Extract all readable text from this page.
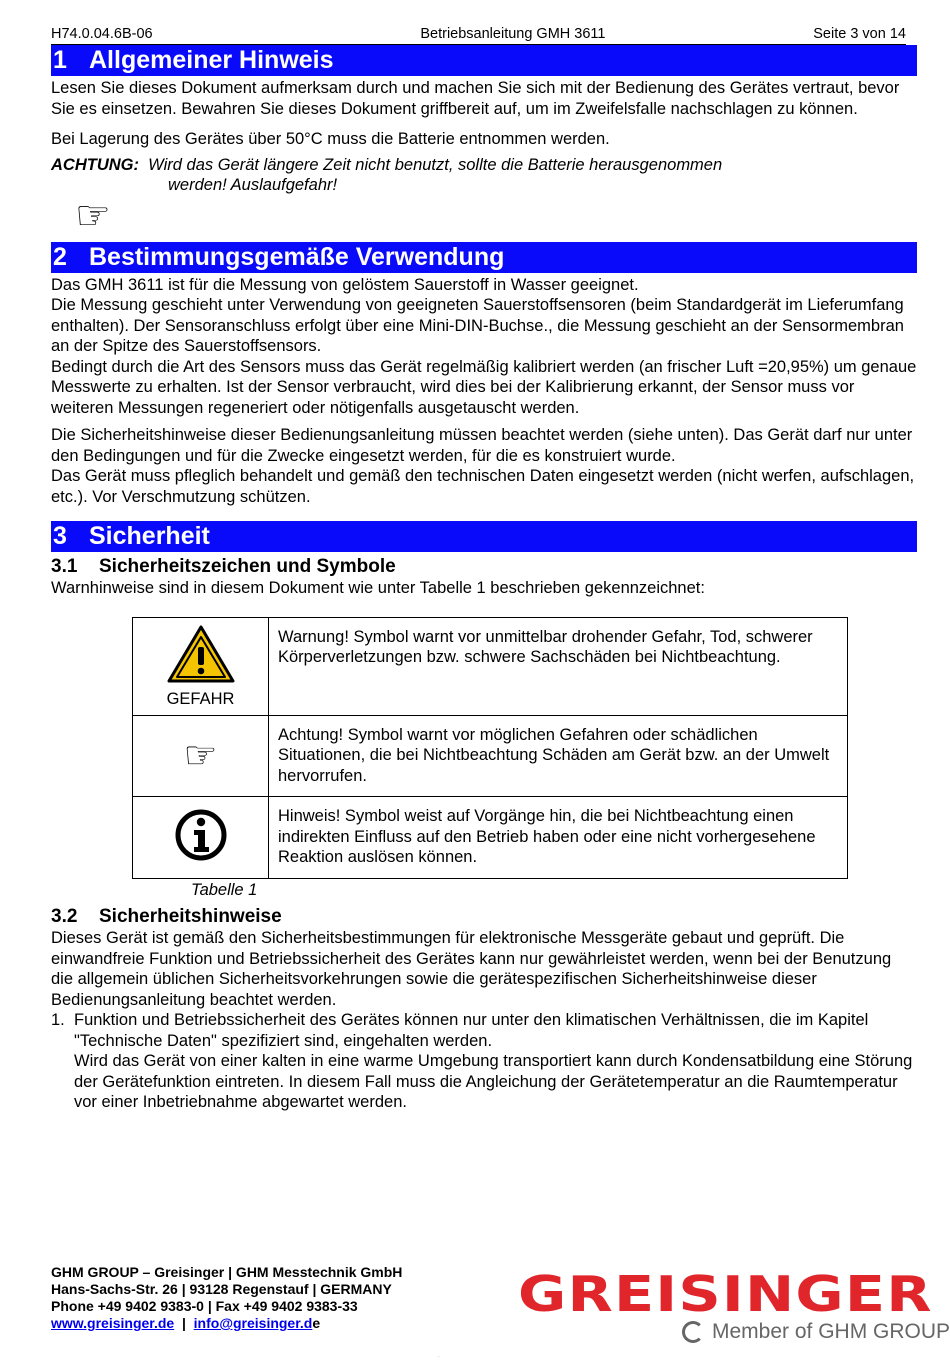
H74.0.04.6B-06	Betriebsanleitung GMH 3611	Seite 3 von 14
1 Allgemeiner Hinweis

Lesen Sie dieses Dokument aufmerksam durch und machen Sie sich mit der Bedienung des Gerätes vertraut, bevor Sie es einsetzen. Bewahren Sie dieses Dokument griffbereit auf, um im Zweifelsfalle nachschlagen zu können.

Bei Lagerung des Gerätes über 50°C muss die Batterie entnommen werden.

ACHTUNG: Wird das Gerät längere Zeit nicht benutzt, sollte die Batterie herausgenommen
werden! Auslaufgefahr!
☞
2 Bestimmungsgemäße Verwendung

Das GMH 3611 ist für die Messung von gelöstem Sauerstoff in Wasser geeignet.

Die Messung geschieht unter Verwendung von geeigneten Sauerstoffsensoren (beim Standardgerät im Lieferumfang enthalten). Der Sensoranschluss erfolgt über eine Mini-DIN-Buchse., die Messung geschieht an der Sensormembran an der Spitze des Sauerstoffsensors.

Bedingt durch die Art des Sensors muss das Gerät regelmäßig kalibriert werden (an frischer Luft =20,95%) um genaue Messwerte zu erhalten. Ist der Sensor verbraucht, wird dies bei der Kalibrierung erkannt, der Sensor muss vor weiteren Messungen regeneriert oder nötigenfalls ausgetauscht werden.

Die Sicherheitshinweise dieser Bedienungsanleitung müssen beachtet werden (siehe unten). Das Gerät darf nur unter den Bedingungen und für die Zwecke eingesetzt werden, für die es konstruiert wurde.

Das Gerät muss pfleglich behandelt und gemäß den technischen Daten eingesetzt werden (nicht werfen, aufschlagen, etc.). Vor Verschmutzung schützen.

3 Sicherheit
3.1 Sicherheitszeichen und Symbole

Warnhinweise sind in diesem Dokument wie unter Tabelle 1 beschrieben gekennzeichnet:

GEFAHR	Warnung! Symbol warnt vor unmittelbar drohender Gefahr, Tod, schwerer Körperverletzungen bzw. schwere Sachschäden bei Nichtbeachtung.
☞	Achtung! Symbol warnt vor möglichen Gefahren oder schädlichen Situationen, die bei Nichtbeachtung Schäden am Gerät bzw. an der Umwelt hervorrufen.
	Hinweis! Symbol weist auf Vorgänge hin, die bei Nichtbeachtung einen indirekten Einfluss auf den Betrieb haben oder eine nicht vorhergesehene Reaktion auslösen können.
Tabelle 1
3.2 Sicherheitshinweise

Dieses Gerät ist gemäß den Sicherheitsbestimmungen für elektronische Messgeräte gebaut und geprüft. Die einwandfreie Funktion und Betriebssicherheit des Gerätes kann nur gewährleistet werden, wenn bei der Benutzung die allgemein üblichen Sicherheitsvorkehrungen sowie die gerätespezifischen Sicherheitshinweise dieser Bedienungsanleitung beachtet werden.

1. Funktion und Betriebssicherheit des Gerätes können nur unter den klimatischen Verhältnissen, die im Kapitel "Technische Daten" spezifiziert sind, eingehalten werden.

Wird das Gerät von einer kalten in eine warme Umgebung transportiert kann durch Kondensatbildung eine Störung der Gerätefunktion eintreten. In diesem Fall muss die Angleichung der Gerätetemperatur an die Raumtemperatur vor einer Inbetriebnahme abgewartet werden.

GHM GROUP – Greisinger | GHM Messtechnik GmbH
Hans-Sachs-Str. 26 | 93128 Regenstauf | GERMANY
Phone +49 9402 9383-0 | Fax +49 9402 9383-33
www.greisinger.de  |  info@greisinger.de	GREISINGER
Member of GHM GROUP
.
